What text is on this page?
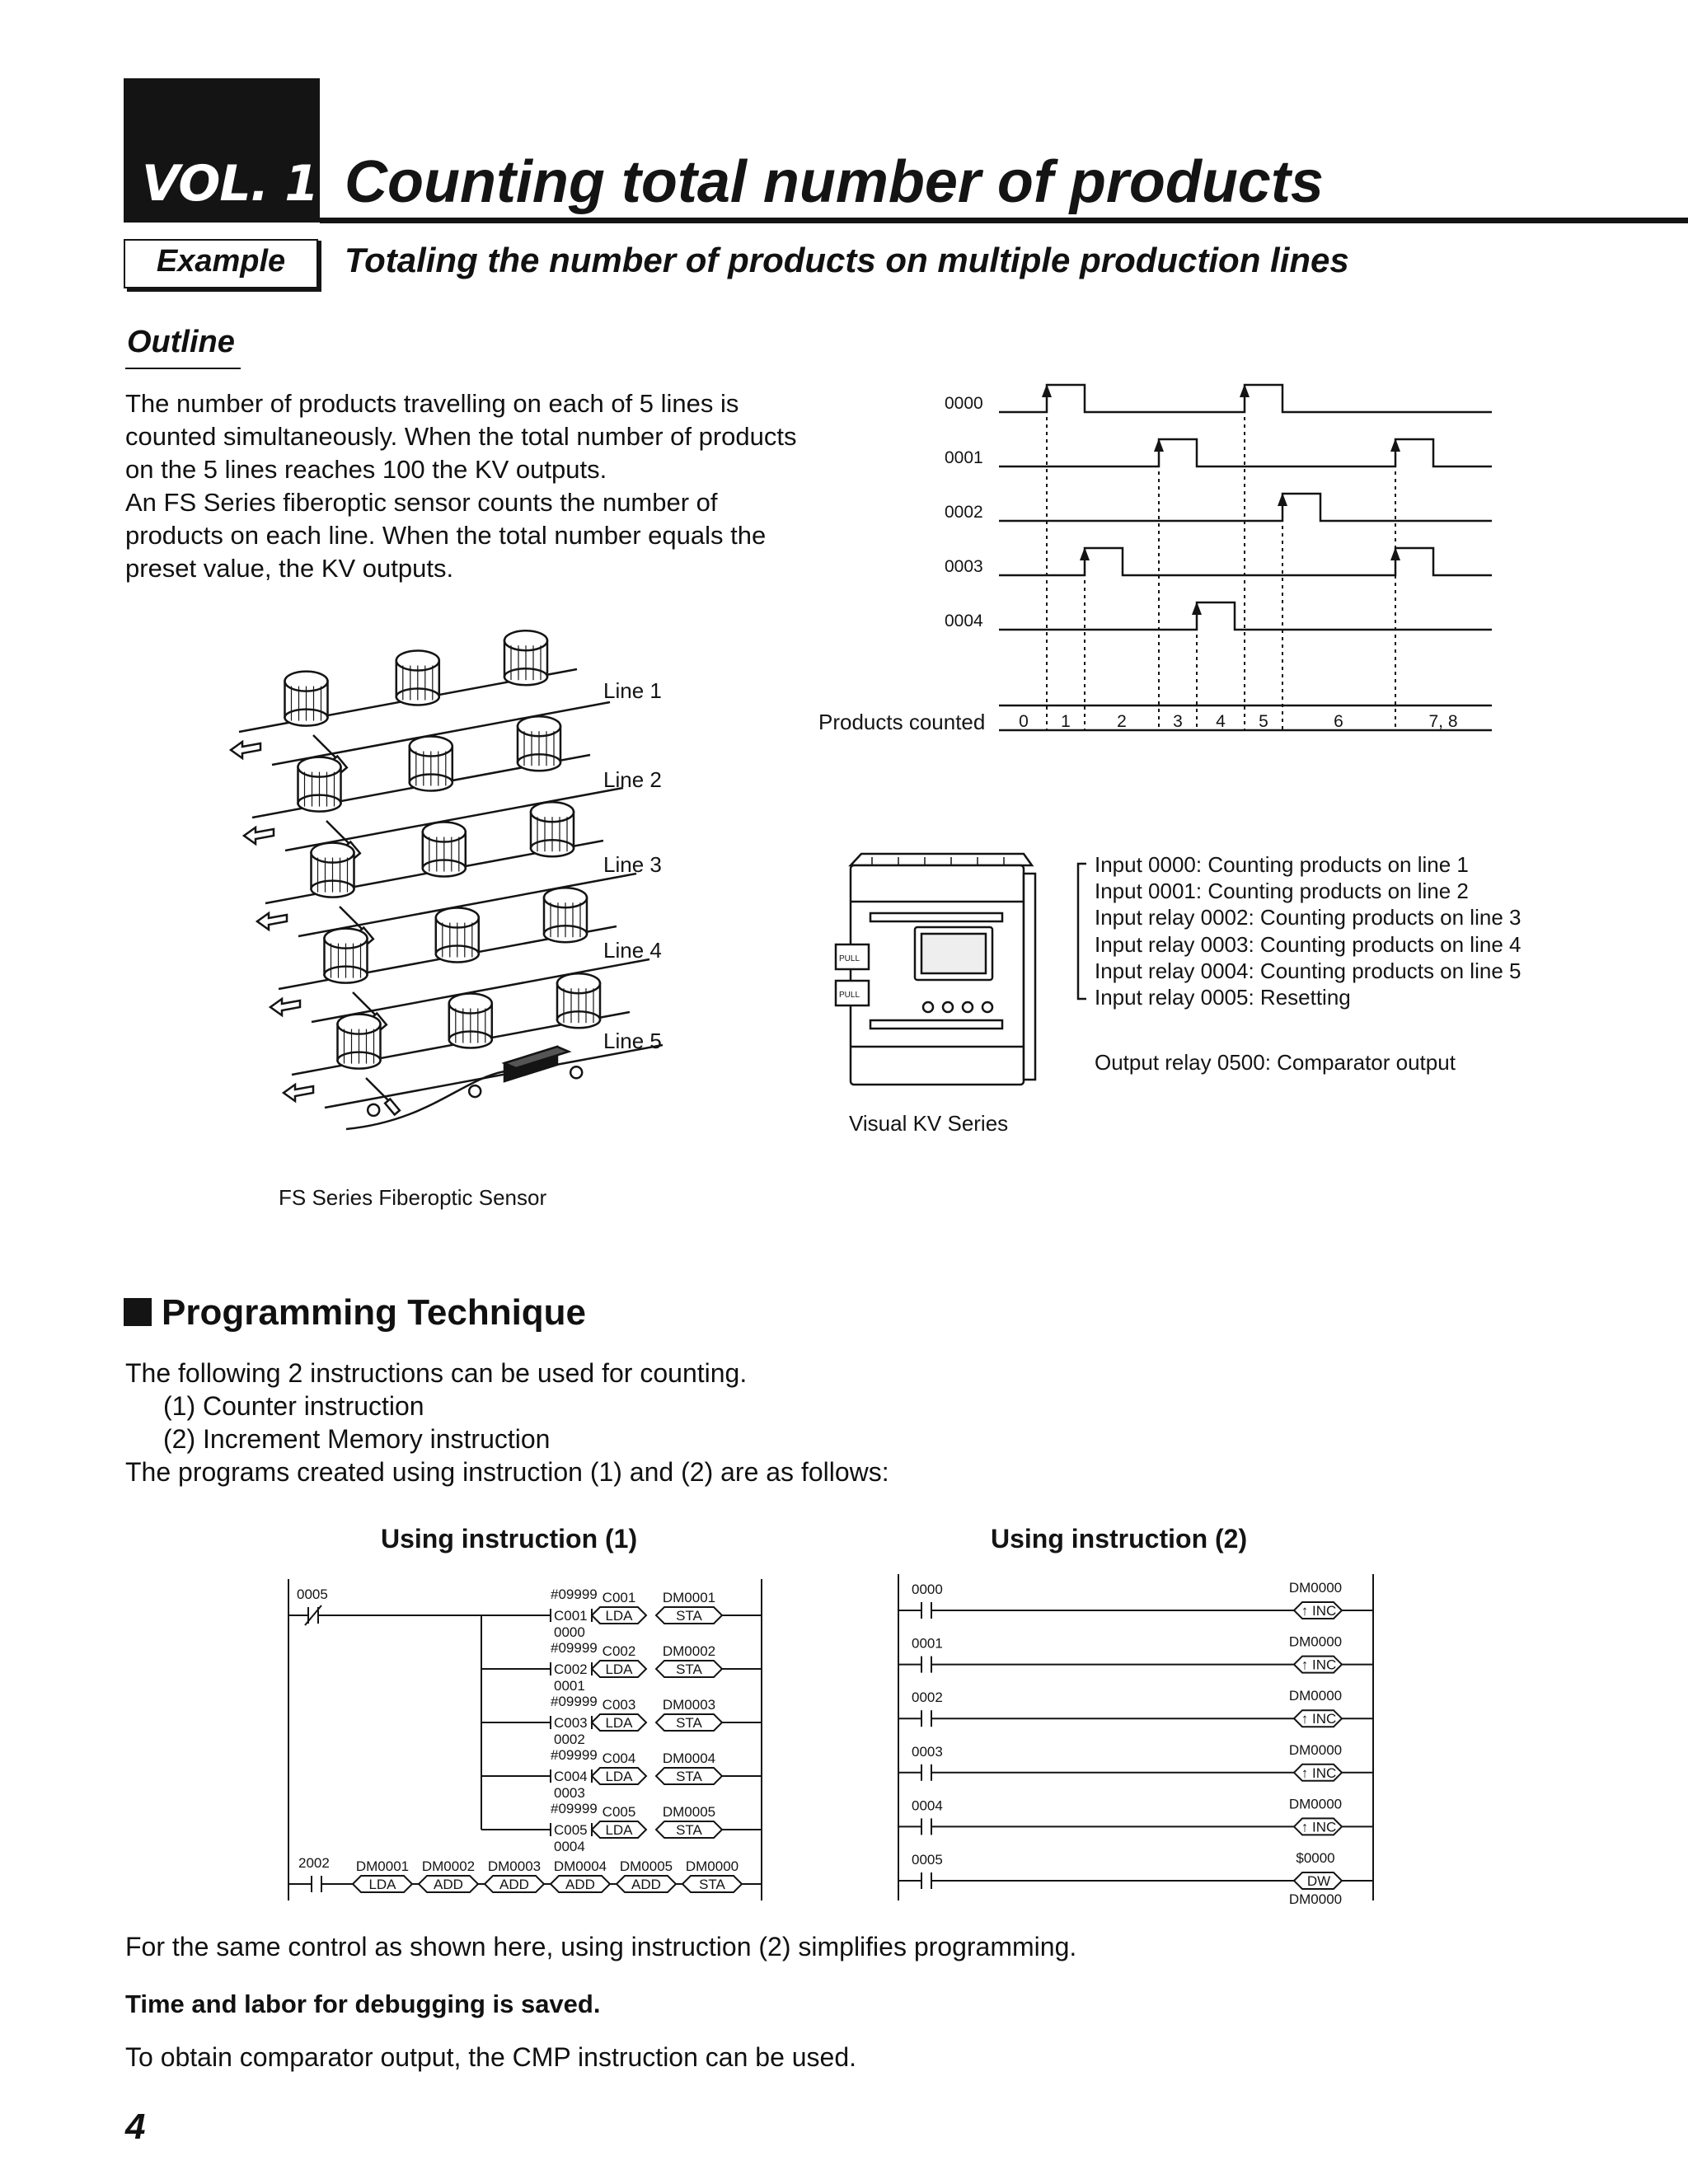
VOL. 1 Counting total number of products
Example	Totaling the number of products on multiple production lines
Outline

The number of products travelling on each of 5 lines is

counted simultaneously. When the total number of products

on the 5 lines reaches 100 the KV outputs.

An FS Series fiberoptic sensor counts the number of

products on each line. When the total number equals the

preset value, the KV outputs.

0000
0001
0002
0003
0004
Products counted 0 1	2	3 4 5	6	7, 8
Line 1
Line 2
Line 3
Line 4
Line 5
FS Series Fiberoptic Sensor
PULL
PULL
Visual KV Series
Input 0000: Counting products on line 1
Input 0001: Counting products on line 2
Input relay 0002: Counting products on line 3
Input relay 0003: Counting products on line 4
Input relay 0004: Counting products on line 5
Input relay 0005: Resetting
Output relay 0500: Comparator output
Using instruction (1)	Using instruction (2)
0005	#09999
C001
0000
C001
LDA
DM0001
STA
#09999
C002
0001
C002
LDA
DM0002
STA
#09999
C003
0002
C003
LDA
DM0003
STA
#09999
C004
0003
C004
LDA
DM0004
STA
#09999
C005
0004
C005
LDA
DM0005
STA
2002 DM0001
LDA
DM0002
ADD
DM0003
ADD
DM0004
ADD
DM0005
ADD
DM0000
STA
0000	DM0000
↑ INC
0001	DM0000
↑ INC
0002	DM0000
↑ INC
0003	DM0000
↑ INC
0004	DM0000
↑ INC
0005	$0000
DW
DM0000
Programming Technique

The following 2 instructions can be used for counting.

(1) Counter instruction

(2) Increment Memory instruction

The programs created using instruction (1) and (2) are as follows:

For the same control as shown here, using instruction (2) simplifies programming.
Time and labor for debugging is saved.
To obtain comparator output, the CMP instruction can be used.
4
